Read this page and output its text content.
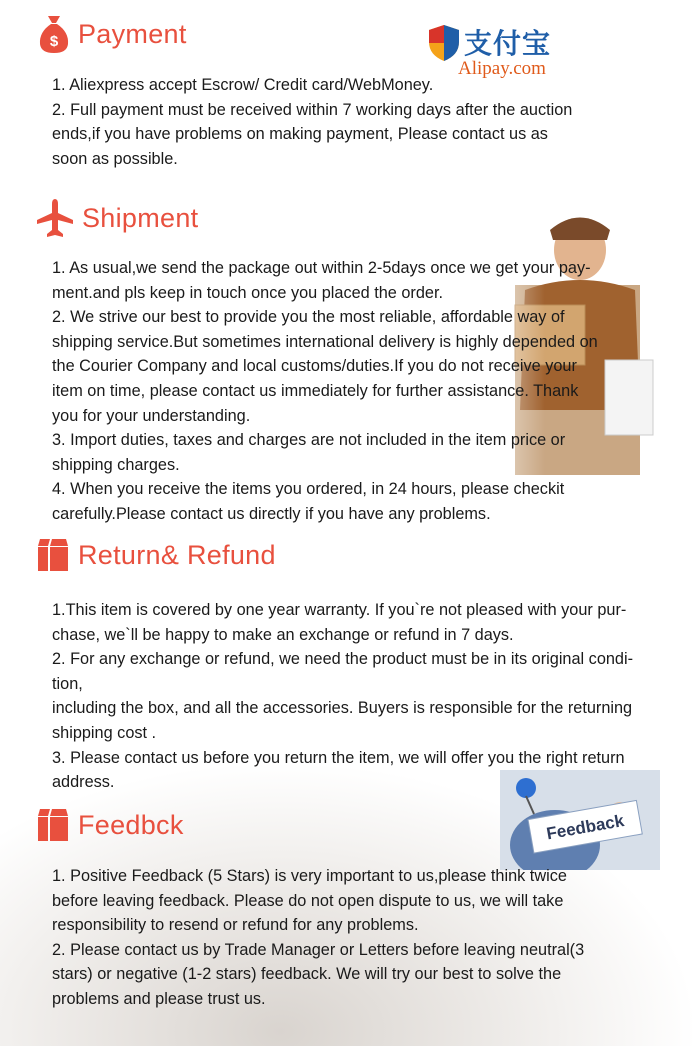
支付宝
Alipay.com
$ Payment

1. Aliexpress accept Escrow/ Credit card/WebMoney.

2. Full payment must be received within 7 working days after the auction

ends,if you have problems on making payment, Please contact us as

soon as possible.

Shipment

1. As usual,we send the package out within 2-5days once we get your pay-

ment.and pls keep in touch once you placed the order.

2. We strive our best to provide you the most reliable, affordable way of

shipping service.But sometimes international delivery is highly depended on

the Courier Company and local customs/duties.If you do not receive your

item on time, please contact us immediately for further assistance. Thank

you for your understanding.

3. Import duties, taxes and charges are not included in the item price or

shipping charges.

4. When you receive the items you ordered, in 24 hours, please checkit

carefully.Please contact us directly if you have any problems.

Return& Refund

1.This item is covered by one year warranty. If you`re not pleased with your pur-

chase, we`ll be happy to make an exchange or refund in 7 days.

2. For any exchange or refund, we need the product must be in its original condi-

tion,

including the box, and all the accessories. Buyers is responsible for the returning

shipping cost .

3. Please contact us before you return the item, we will offer you the right return

address.

Feedbck	Feedback

1. Positive Feedback (5 Stars) is very important to us,please think twice

before leaving feedback. Please do not open dispute to us, we will take

responsibility to resend or refund for any problems.

2. Please contact us by Trade Manager or Letters before leaving neutral(3

stars) or negative (1-2 stars) feedback. We will try our best to solve the

problems and please trust us.
